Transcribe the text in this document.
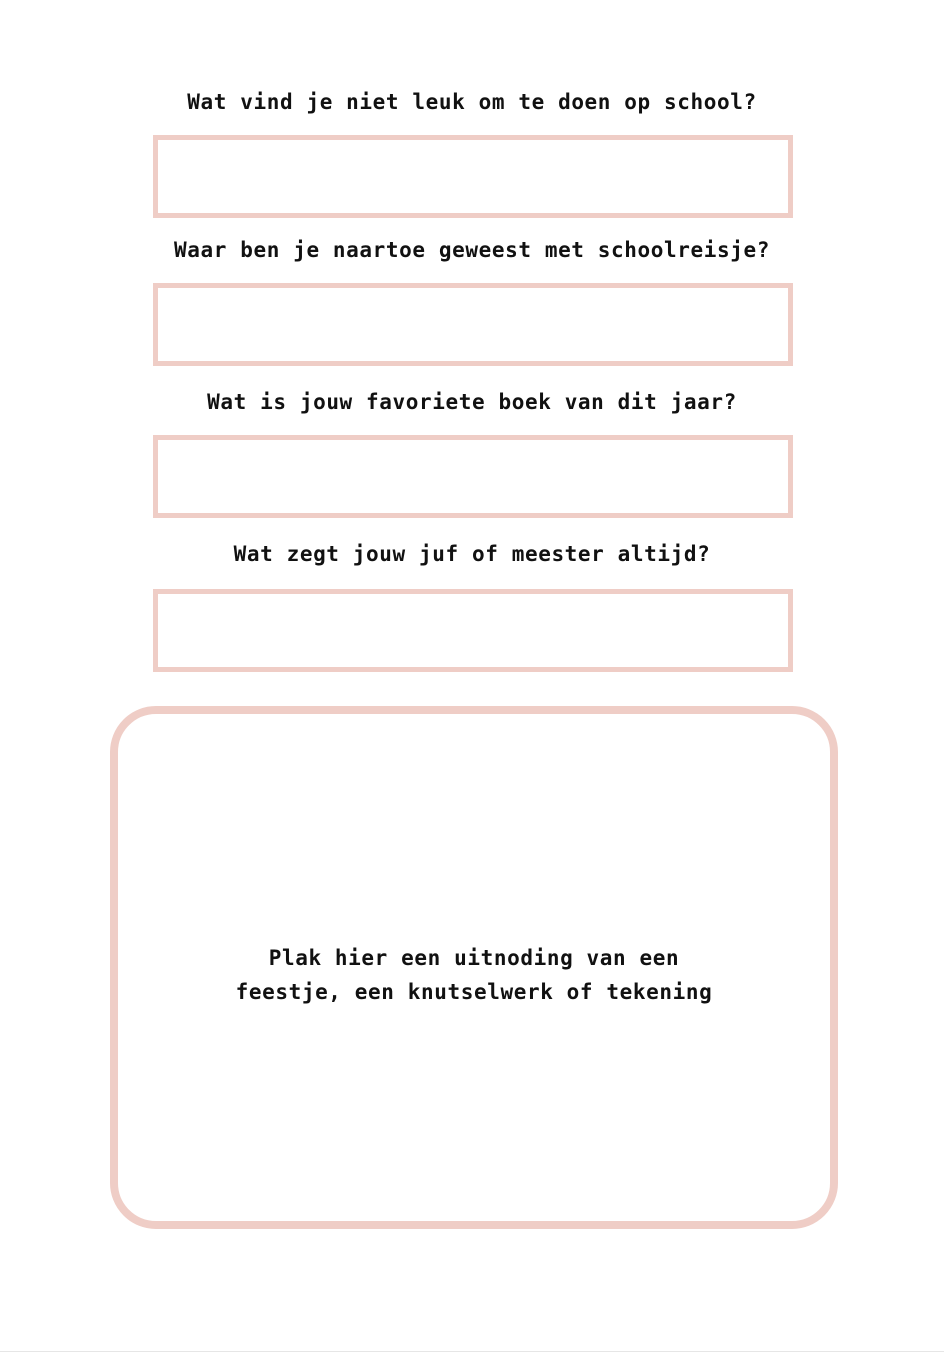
Wat vind je niet leuk om te doen op school?
Waar ben je naartoe geweest met schoolreisje?
Wat is jouw favoriete boek van dit jaar?
Wat zegt jouw juf of meester altijd?
Plak hier een uitnoding van een
feestje, een knutselwerk of tekening
